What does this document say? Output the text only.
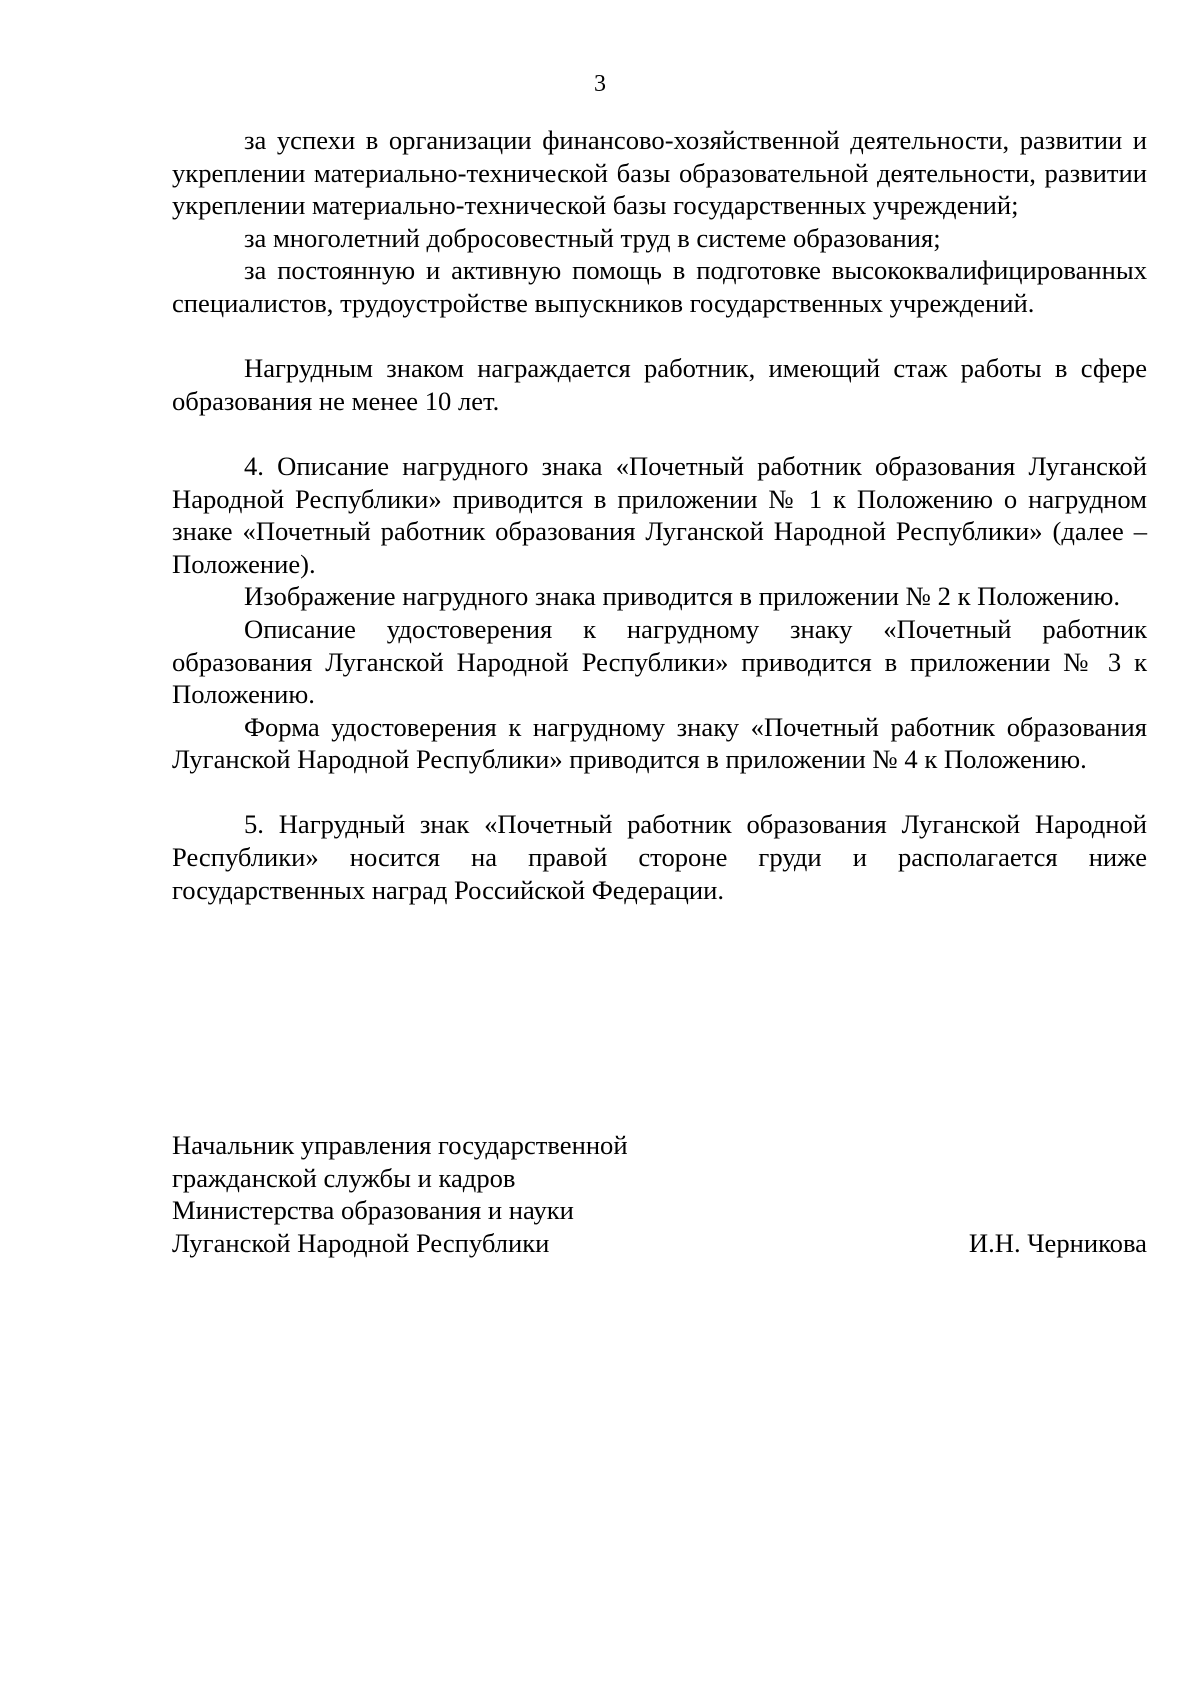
3

за успехи в организации финансово-хозяйственной деятельности, развитии и укреплении материально-технической базы образовательной деятельности, развитии укреплении материально-технической базы государственных учреждений;

за многолетний добросовестный труд в системе образования;

за постоянную и активную помощь в подготовке высококвалифицированных специалистов, трудоустройстве выпускников государственных учреждений.

Нагрудным знаком награждается работник, имеющий стаж работы в сфере образования не менее 10 лет.

4. Описание нагрудного знака «Почетный работник образования Луганской Народной Республики» приводится в приложении № 1 к Положению о нагрудном знаке «Почетный работник образования Луганской Народной Республики» (далее – Положение).

Изображение нагрудного знака приводится в приложении № 2 к Положению.

Описание удостоверения к нагрудному знаку «Почетный работник образования Луганской Народной Республики» приводится в приложении № 3 к Положению.

Форма удостоверения к нагрудному знаку «Почетный работник образования Луганской Народной Республики» приводится в приложении № 4 к Положению.

5. Нагрудный знак «Почетный работник образования Луганской Народной Республики» носится на правой стороне груди и располагается ниже государственных наград Российской Федерации.

Начальник управления государственной
гражданской службы и кадров
Министерства образования и науки
Луганской Народной Республики	И.Н. Черникова
